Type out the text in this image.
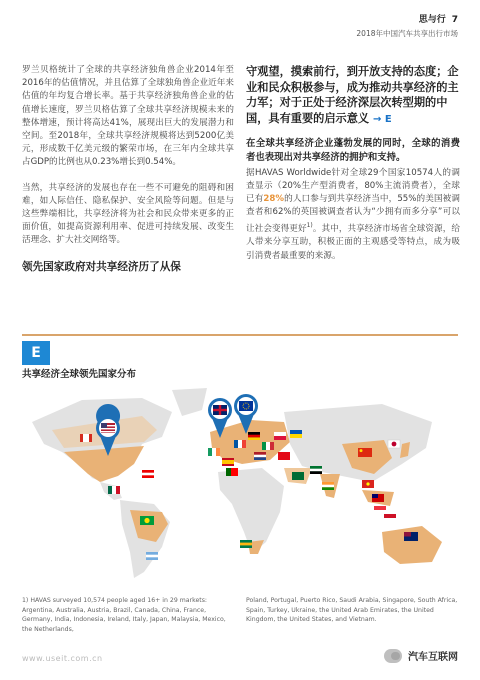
思与行 7
2018年中国汽车共享出行市场

罗兰贝格统计了全球的共享经济独角兽企业2014年至2016年的估值情况，并且估算了全球独角兽企业近年来估值的年均复合增长率。基于共享经济独角兽企业的估值增长速度，罗兰贝格估算了全球共享经济规模未来的整体增速，预计将高达41%，展现出巨大的发展潜力和空间。至2018年，全球共享经济规模将达到5200亿美元，形成数千亿美元级的繁荣市场，在三年内全球共享占GDP的比例也从0.23%增长到0.54%。

当然，共享经济的发展也存在一些不可避免的阻碍和困难，如人际信任、隐私保护、安全风险等问题。但是与这些弊端相比，共享经济将为社会和民众带来更多的正面价值，如提高资源利用率、促进可持续发展、改变生活理念、扩大社交网络等。

领先国家政府对共享经济历了从保

守观望，摸索前行，到开放支持的态度；企业和民众积极参与，成为推动共享经济的主力军；对于正处于经济深层次转型期的中国，具有重要的启示意义 → E

在全球共享经济企业蓬勃发展的同时，全球的消费者也表现出对共享经济的拥护和支持。

据HAVAS Worldwide针对全球29个国家10574人的调查显示（20%生产型消费者，80%主流消费者），全球已有28%的人口参与到共享经济当中，55%的美国被调查者和62%的英国被调查者认为“少拥有而多分享”可以让社会变得更好$^{1)}$。其中，共享经济市场省全球资源，给人带来分享互助，积极正面的主观感受等特点，成为吸引消费者最重要的来源。

E
共享经济全球领先国家分布
1) HAVAS surveyed 10,574 people aged 16+ in 29 markets: Argentina, Australia, Austria, Brazil, Canada, China, France, Germany, India, Indonesia, Ireland, Italy, Japan, Malaysia, Mexico, the Netherlands,
Poland, Portugal, Puerto Rico, Saudi Arabia, Singapore, South Africa, Spain, Turkey, Ukraine, the United Arab Emirates, the United Kingdom, the United States, and Vietnam.
www.useit.com.cn	汽车互联网
